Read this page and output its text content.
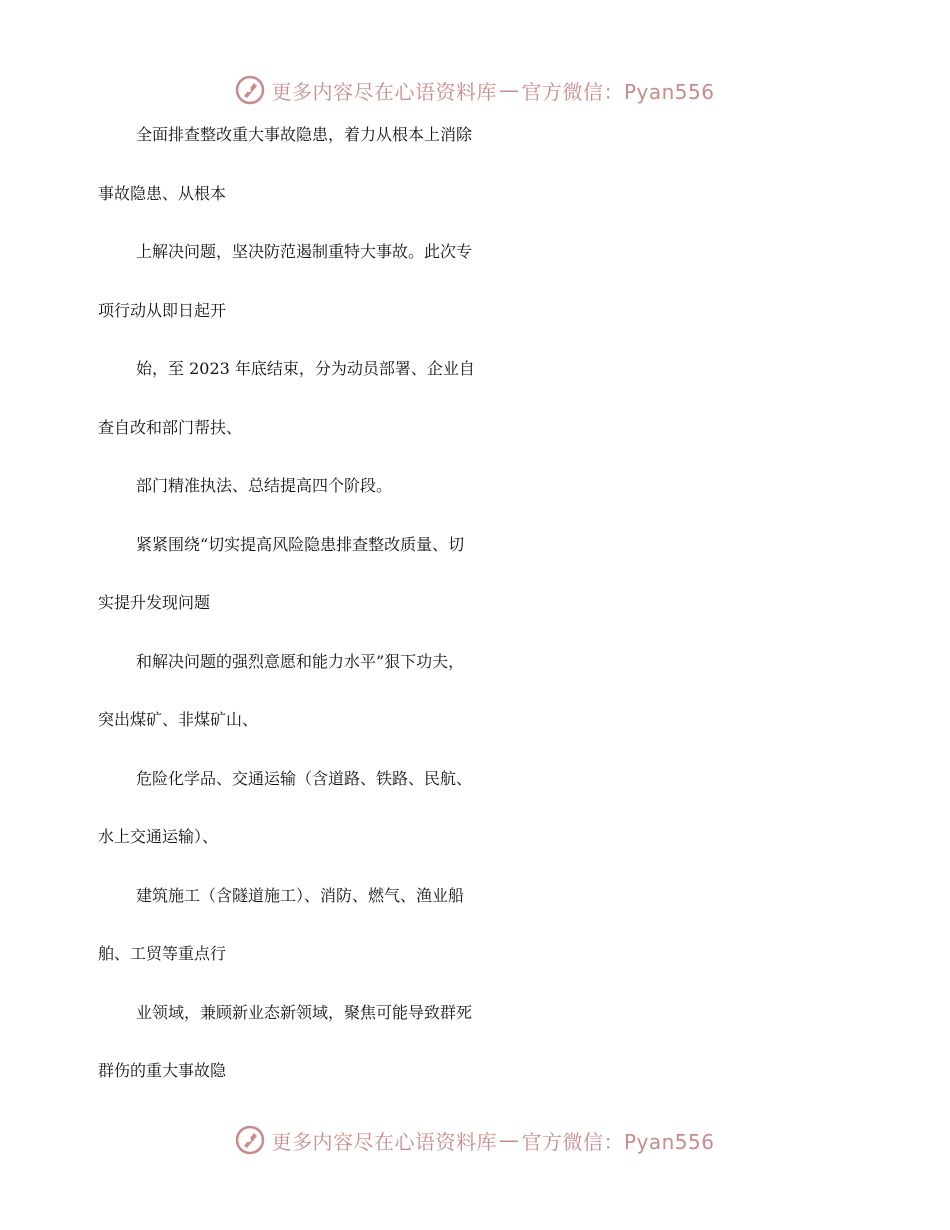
更多内容尽在心语资料库 — 官方微信：Pyan556
全面排查整改重大事故隐患，着力从根本上消除
事故隐患、从根本
上解决问题，坚决防范遏制重特大事故。此次专
项行动从即日起开
始，至 2023 年底结束，分为动员部署、企业自
查自改和部门帮扶、
部门精准执法、总结提高四个阶段。
紧紧围绕“切实提高风险隐患排查整改质量、切
实提升发现问题
和解决问题的强烈意愿和能力水平”狠下功夫，
突出煤矿、非煤矿山、
危险化学品、交通运输（含道路、铁路、民航、
水上交通运输）、
建筑施工（含隧道施工）、消防、燃气、渔业船
舶、工贸等重点行
业领域，兼顾新业态新领域，聚焦可能导致群死
群伤的重大事故隐
更多内容尽在心语资料库 — 官方微信：Pyan556
